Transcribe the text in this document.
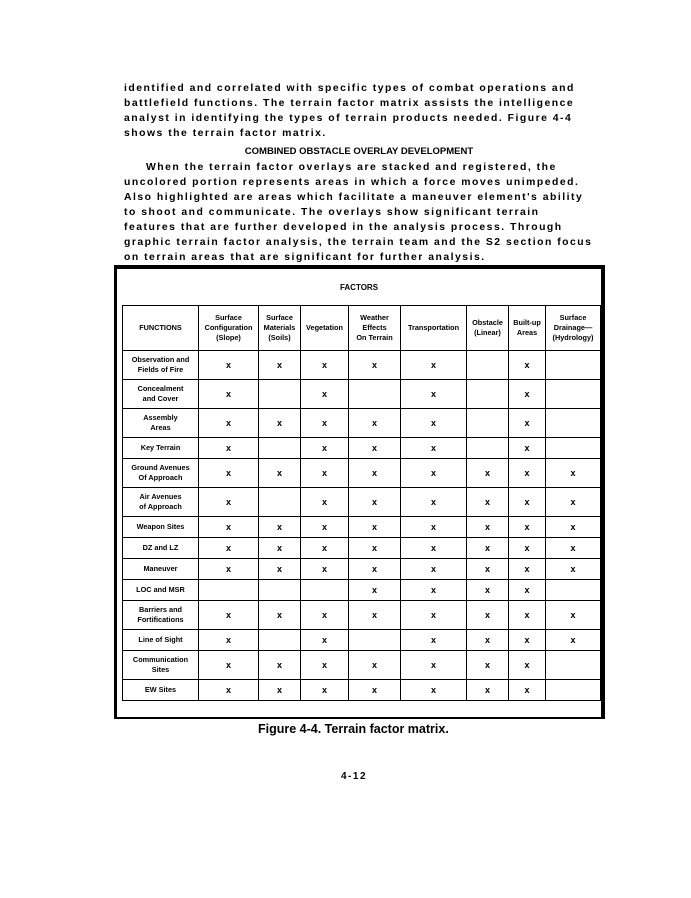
identified and correlated with specific types of combat operations and battlefield functions. The terrain factor matrix assists the intelligence analyst in identifying the types of terrain products needed. Figure 4-4 shows the terrain factor matrix.

COMBINED OBSTACLE OVERLAY DEVELOPMENT

When the terrain factor overlays are stacked and registered, the uncolored portion represents areas in which a force moves unimpeded. Also highlighted are areas which facilitate a maneuver element's ability to shoot and communicate. The overlays show significant terrain features that are further developed in the analysis process. Through graphic terrain factor analysis, the terrain team and the S2 section focus on terrain areas that are significant for further analysis.

FACTORS
FUNCTIONS	Surface
Configuration
(Slope)	Surface
Materials
(Soils)	Vegetation	Weather
Effects
On Terrain	Transportation	Obstacle
(Linear)	Built-up
Areas	Surface
Drainage—
(Hydrology)
Observation and
Fields of Fire	x	x	x	x	x		x	
Concealment
and Cover	x		x		x		x	
Assembly
Areas	x	x	x	x	x		x	
Key Terrain	x		x	x	x		x	
Ground Avenues
Of Approach	x	x	x	x	x	x	x	x
Air Avenues
of Approach	x		x	x	x	x	x	x
Weapon Sites	x	x	x	x	x	x	x	x
DZ and LZ	x	x	x	x	x	x	x	x
Maneuver	x	x	x	x	x	x	x	x
LOC and MSR				x	x	x	x	
Barriers and
Fortifications	x	x	x	x	x	x	x	x
Line of Sight	x		x		x	x	x	x
Communication
Sites	x	x	x	x	x	x	x	
EW Sites	x	x	x	x	x	x	x	

Figure 4-4. Terrain factor matrix.

4-12
